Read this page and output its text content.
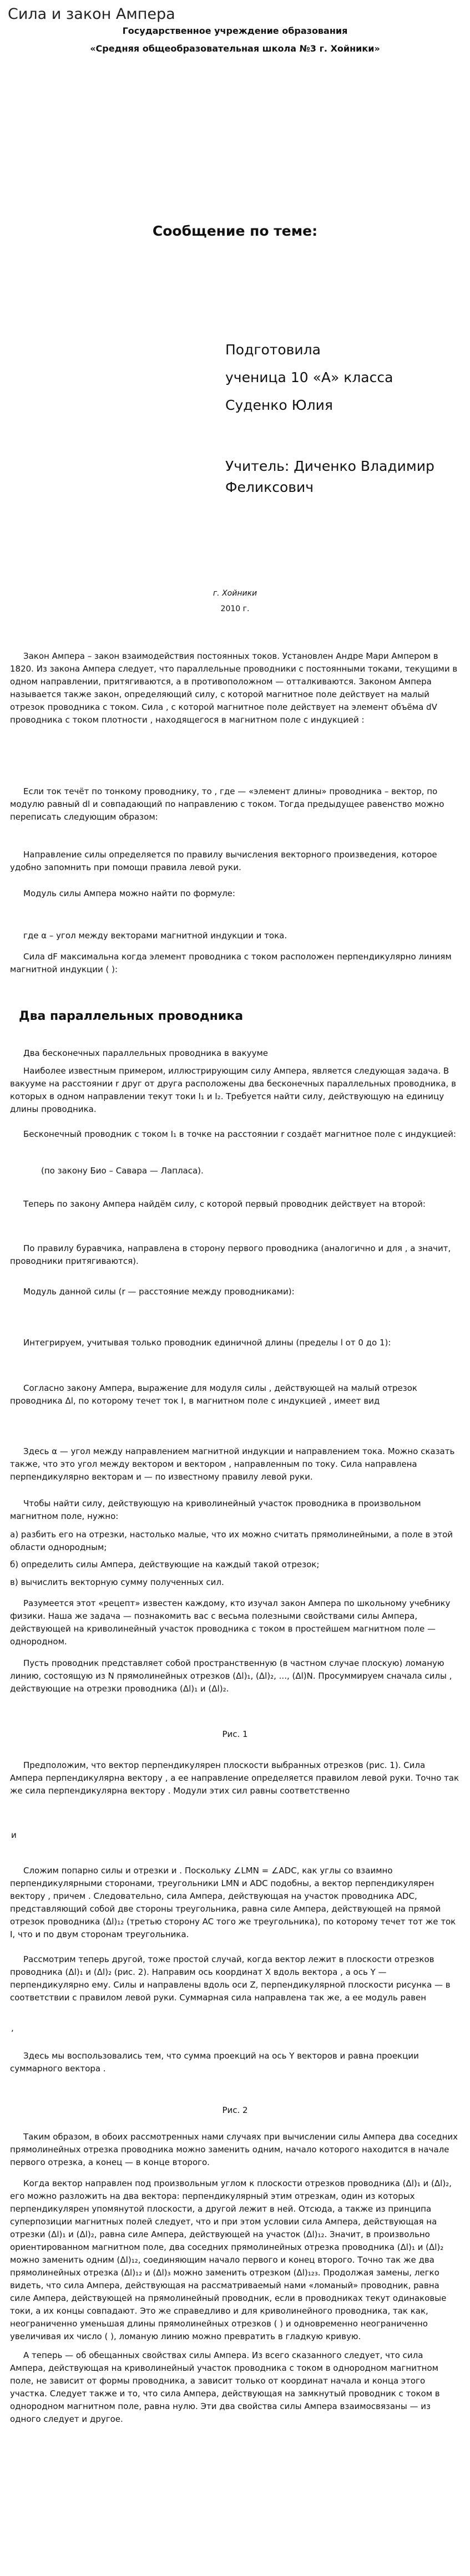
Сила и закон Ампера
Государственное учреждение образования
«Средняя общеобразовательная школа №3 г. Хойники»
Сообщение по теме:
Подготовила
ученица 10 «А» класса
Суденко Юлия
Учитель: Диченко Владимир
Феликсович
г. Хойники
2010 г.
Закон Ампера – закон взаимодействия постоянных токов. Установлен Андре Мари Ампером в 1820. Из закона Ампера следует, что параллельные проводники с постоянными токами, текущими в одном направлении, притягиваются, а в противоположном — отталкиваются. Законом Ампера называется также закон, определяющий силу, с которой магнитное поле действует на малый отрезок проводника с током. Сила , с которой магнитное поле действует на элемент объёма dV проводника с током плотности , находящегося в магнитном поле с индукцией :
Если ток течёт по тонкому проводнику, то , где — «элемент длины» проводника – вектор, по модулю равный dl и совпадающий по направлению с током. Тогда предыдущее равенство можно переписать следующим образом:
Направление силы определяется по правилу вычисления векторного произведения, которое удобно запомнить при помощи правила левой руки.
Модуль силы Ампера можно найти по формуле:
где α – угол между векторами магнитной индукции и тока.
Сила dF максимальна когда элемент проводника с током расположен перпендикулярно линиям магнитной индукции ( ):
Два параллельных проводника
Два бесконечных параллельных проводника в вакууме
Наиболее известным примером, иллюстрирующим силу Ампера, является следующая задача. В вакууме на расстоянии r друг от друга расположены два бесконечных параллельных проводника, в которых в одном направлении текут токи I₁ и I₂. Требуется найти силу, действующую на единицу длины проводника.
Бесконечный проводник с током I₁ в точке на расстоянии r создаёт магнитное поле с индукцией:
(по закону Био – Савара — Лапласа).
Теперь по закону Ампера найдём силу, с которой первый проводник действует на второй:
По правилу буравчика, направлена в сторону первого проводника (аналогично и для , а значит, проводники притягиваются).
Модуль данной силы (r — расстояние между проводниками):
Интегрируем, учитывая только проводник единичной длины (пределы l от 0 до 1):
Согласно закону Ампера, выражение для модуля силы , действующей на малый отрезок проводника Δl, по которому течет ток I, в магнитном поле с индукцией , имеет вид
Здесь α — угол между направлением магнитной индукции и направлением тока. Можно сказать также, что это угол между вектором и вектором , направленным по току. Сила направлена перпендикулярно векторам и — по известному правилу левой руки.
Чтобы найти силу, действующую на криволинейный участок проводника в произвольном магнитном поле, нужно:
а) разбить его на отрезки, настолько малые, что их можно считать прямолинейными, а поле в этой области однородным;
б) определить силы Ампера, действующие на каждый такой отрезок;
в) вычислить векторную сумму полученных сил.
Разумеется этот «рецепт» известен каждому, кто изучал закон Ампера по школьному учебнику физики. Наша же задача — познакомить вас с весьма полезными свойствами силы Ампера, действующей на криволинейный участок проводника с током в простейшем магнитном поле — однородном.
Пусть проводник представляет собой пространственную (в частном случае плоскую) ломаную линию, состоящую из N прямолинейных отрезков (Δl)₁, (Δl)₂, ..., (Δl)N. Просуммируем сначала силы , действующие на отрезки проводника (Δl)₁ и (Δl)₂.
Рис. 1
Предположим, что вектор перпендикулярен плоскости выбранных отрезков (рис. 1). Сила Ампера перпендикулярна вектору , а ее направление определяется правилом левой руки. Точно так же сила перпендикулярна вектору . Модули этих сил равны соответственно
и
Сложим попарно силы и отрезки и . Поскольку ∠LMN = ∠ADC, как углы со взаимно перпендикулярными сторонами, треугольники LMN и ADC подобны, а вектор перпендикулярен вектору , причем . Следовательно, сила Ампера, действующая на участок проводника ADC, представляющий собой две стороны треугольника, равна силе Ампера, действующей на прямой отрезок проводника (Δl)₁₂ (третью сторону AC того же треугольника), по которому течет тот же ток I, что и по двум сторонам треугольника.
Рассмотрим теперь другой, тоже простой случай, когда вектор лежит в плоскости отрезков проводника (Δl)₁ и (Δl)₂ (рис. 2). Направим ось координат X вдоль вектора , а ось Y — перпендикулярно ему. Силы и направлены вдоль оси Z, перпендикулярной плоскости рисунка — в соответствии с правилом левой руки. Суммарная сила направлена так же, а ее модуль равен
,
Здесь мы воспользовались тем, что сумма проекций на ось Y векторов и равна проекции суммарного вектора .
Рис. 2
Таким образом, в обоих рассмотренных нами случаях при вычислении силы Ампера два соседних прямолинейных отрезка проводника можно заменить одним, начало которого находится в начале первого отрезка, а конец — в конце второго.
Когда вектор направлен под произвольным углом к плоскости отрезков проводника (Δl)₁ и (Δl)₂, его можно разложить на два вектора: перпендикулярный этим отрезкам, один из которых перпендикулярен упомянутой плоскости, а другой лежит в ней. Отсюда, а также из принципа суперпозиции магнитных полей следует, что и при этом условии сила Ампера, действующая на отрезки (Δl)₁ и (Δl)₂, равна силе Ампера, действующей на участок (Δl)₁₂. Значит, в произвольно ориентированном магнитном поле, два соседних прямолинейных отрезка проводника (Δl)₁ и (Δl)₂ можно заменить одним (Δl)₁₂, соединяющим начало первого и конец второго. Точно так же два прямолинейных отрезка (Δl)₁₂ и (Δl)₃ можно заменить отрезком (Δl)₁₂₃. Продолжая замены, легко видеть, что сила Ампера, действующая на рассматриваемый нами «ломаный» проводник, равна силе Ампера, действующей на прямолинейный проводник, если в проводниках текут одинаковые токи, а их концы совпадают. Это же справедливо и для криволинейного проводника, так как, неограниченно уменьшая длины прямолинейных отрезков ( ) и одновременно неограниченно увеличивая их число ( ), ломаную линию можно превратить в гладкую кривую.
А теперь — об обещанных свойствах силы Ампера. Из всего сказанного следует, что сила Ампера, действующая на криволинейный участок проводника с током в однородном магнитном поле, не зависит от формы проводника, а зависит только от координат начала и конца этого участка. Следует также и то, что сила Ампера, действующая на замкнутый проводник с током в однородном магнитном поле, равна нулю. Эти два свойства силы Ампера взаимосвязаны — из одного следует и другое.
